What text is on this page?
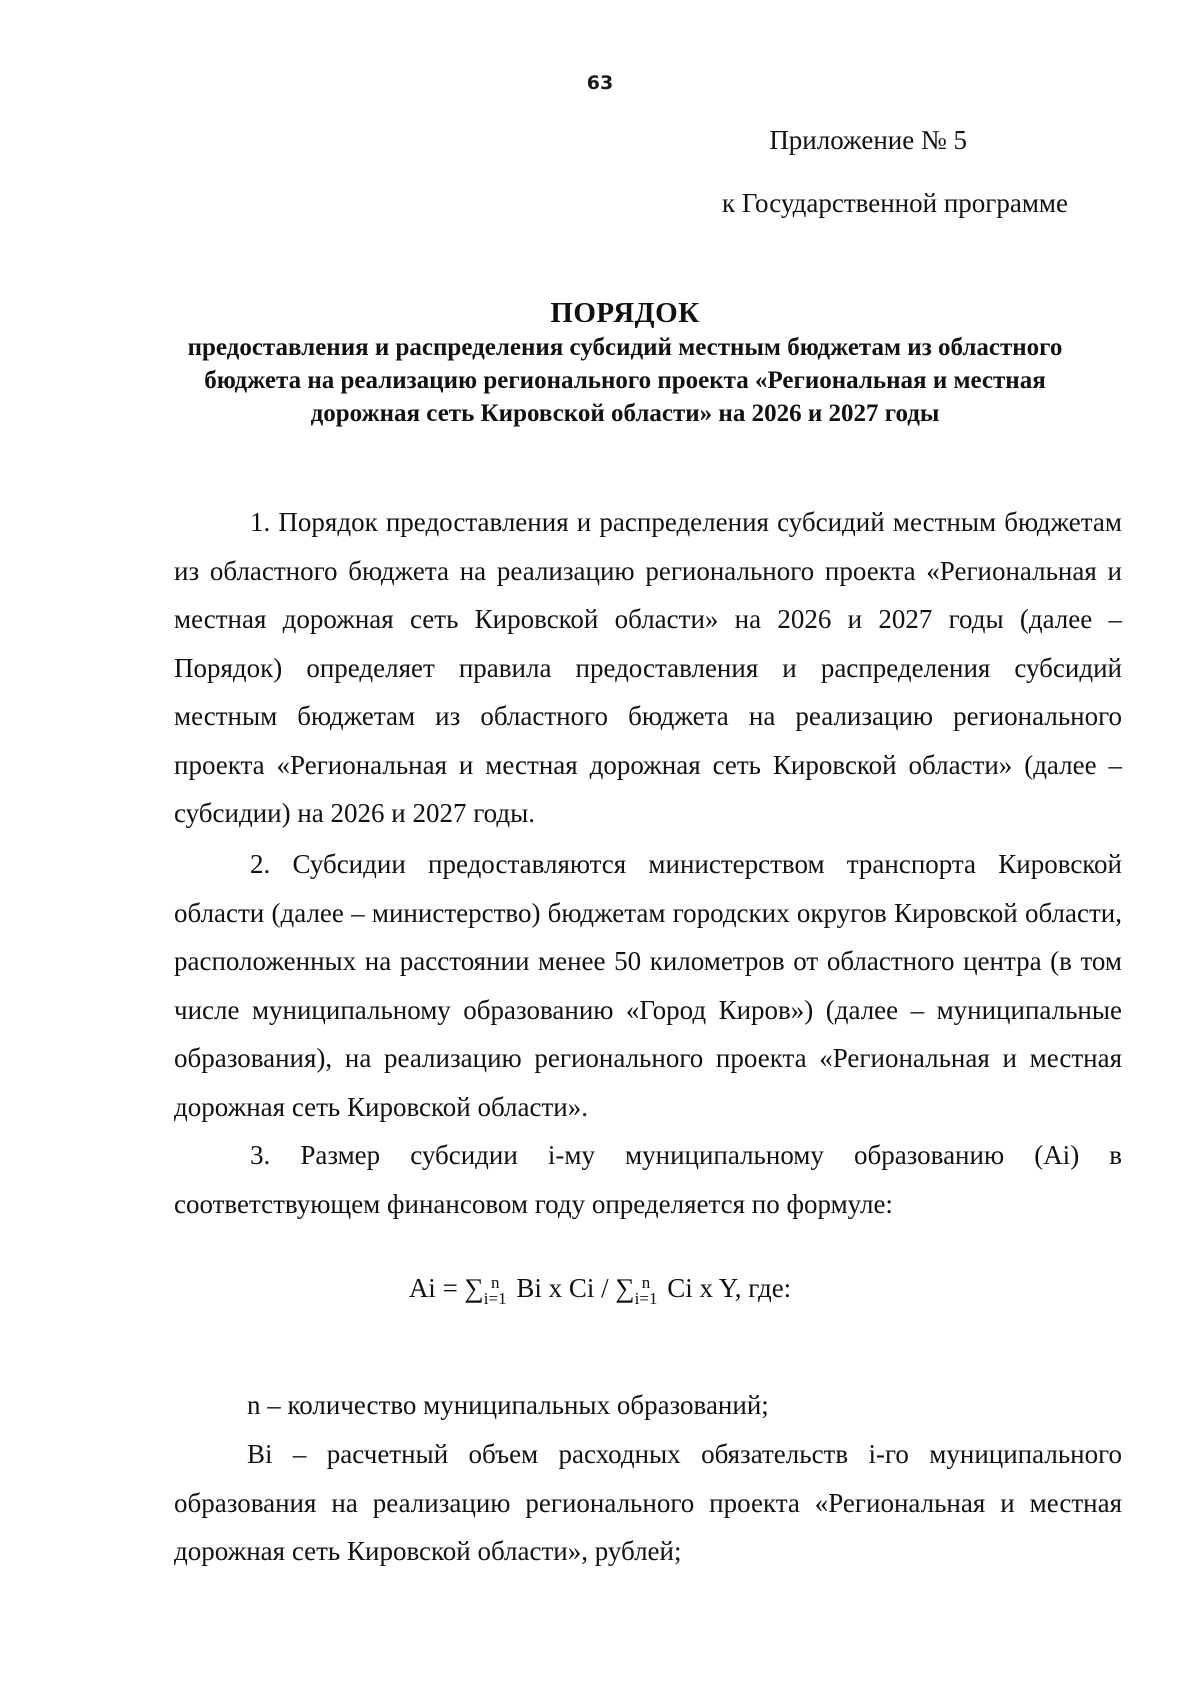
63
Приложение № 5
к Государственной программе
ПОРЯДОК
предоставления и распределения субсидий местным бюджетам из областного бюджета на реализацию регионального проекта «Региональная и местная дорожная сеть Кировской области» на 2026 и 2027 годы

1. Порядок предоставления и распределения субсидий местным бюджетам из областного бюджета на реализацию регионального проекта «Региональная и местная дорожная сеть Кировской области» на 2026 и 2027 годы (далее – Порядок) определяет правила предоставления и распределения субсидий местным бюджетам из областного бюджета на реализацию регионального проекта «Региональная и местная дорожная сеть Кировской области» (далее – субсидии) на 2026 и 2027 годы.

2. Субсидии предоставляются министерством транспорта Кировской области (далее – министерство) бюджетам городских округов Кировской области, расположенных на расстоянии менее 50 километров от областного центра (в том числе муниципальному образованию «Город Киров») (далее – муниципальные образования), на реализацию регионального проекта «Региональная и местная дорожная сеть Кировской области».

3. Размер субсидии i-му муниципальному образованию (Ai) в соответствующем финансовом году определяется по формуле:

Ai = ∑ n
i=1 Bi x Ci / ∑ n
i=1 Ci x Y, где:

n – количество муниципальных образований;

Bi – расчетный объем расходных обязательств i-го муниципального образования на реализацию регионального проекта «Региональная и местная дорожная сеть Кировской области», рублей;
